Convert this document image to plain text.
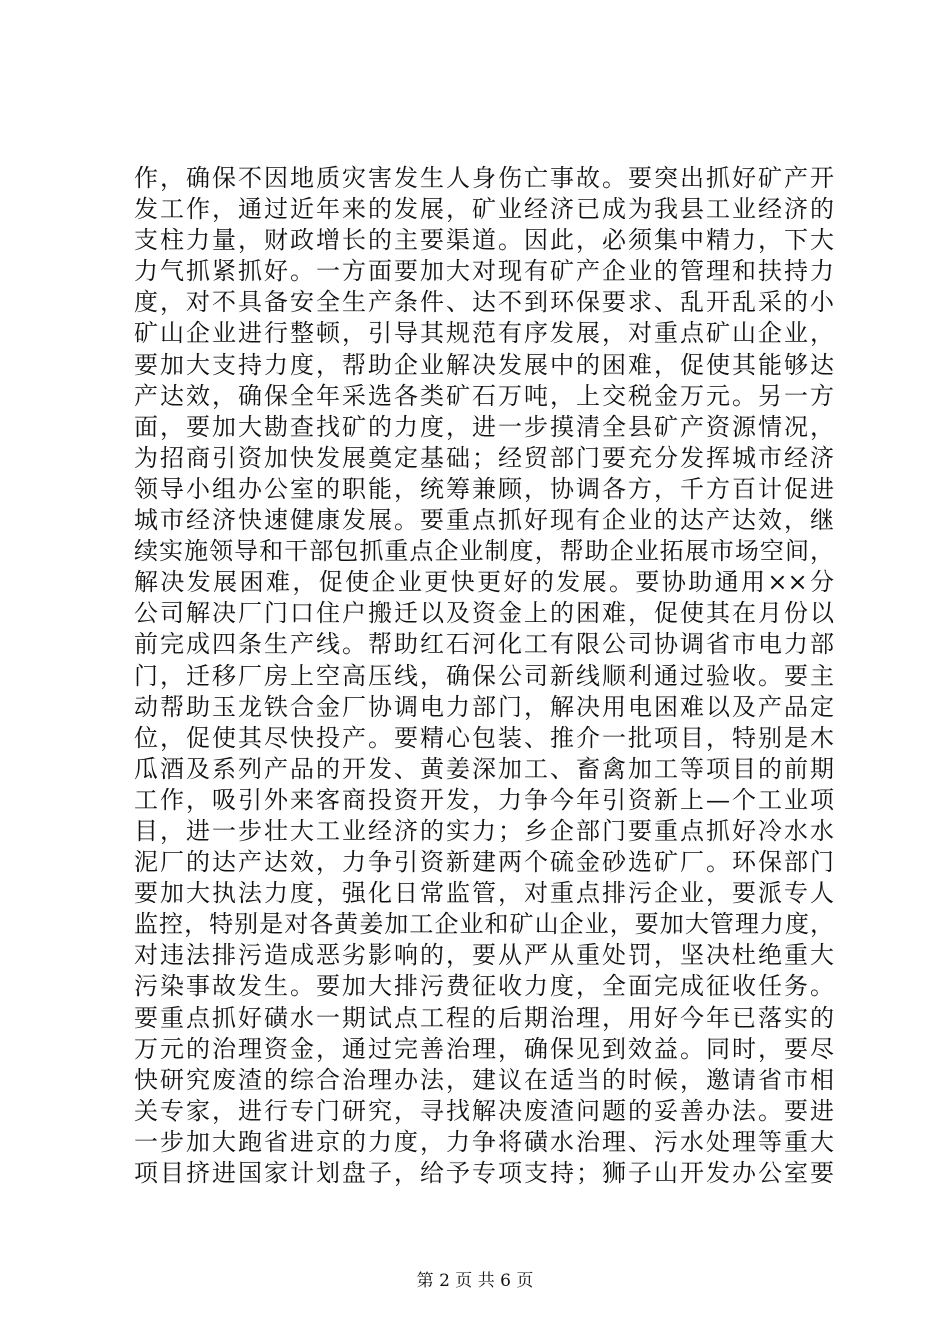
作，确保不因地质灾害发生人身伤亡事故。要突出抓好矿产开
发工作，通过近年来的发展，矿业经济已成为我县工业经济的
支柱力量，财政增长的主要渠道。因此，必须集中精力，下大
力气抓紧抓好。一方面要加大对现有矿产企业的管理和扶持力
度，对不具备安全生产条件、达不到环保要求、乱开乱采的小
矿山企业进行整顿，引导其规范有序发展，对重点矿山企业，
要加大支持力度，帮助企业解决发展中的困难，促使其能够达
产达效，确保全年采选各类矿石万吨，上交税金万元。另一方
面，要加大勘查找矿的力度，进一步摸清全县矿产资源情况，
为招商引资加快发展奠定基础；经贸部门要充分发挥城市经济
领导小组办公室的职能，统筹兼顾，协调各方，千方百计促进
城市经济快速健康发展。要重点抓好现有企业的达产达效，继
续实施领导和干部包抓重点企业制度，帮助企业拓展市场空间，
解决发展困难，促使企业更快更好的发展。要协助通用××分
公司解决厂门口住户搬迁以及资金上的困难，促使其在月份以
前完成四条生产线。帮助红石河化工有限公司协调省市电力部
门，迁移厂房上空高压线，确保公司新线顺利通过验收。要主
动帮助玉龙铁合金厂协调电力部门，解决用电困难以及产品定
位，促使其尽快投产。要精心包装、推介一批项目，特别是木
瓜酒及系列产品的开发、黄姜深加工、畜禽加工等项目的前期
工作，吸引外来客商投资开发，力争今年引资新上—个工业项
目，进一步壮大工业经济的实力；乡企部门要重点抓好冷水水
泥厂的达产达效，力争引资新建两个硫金砂选矿厂。环保部门
要加大执法力度，强化日常监管，对重点排污企业，要派专人
监控，特别是对各黄姜加工企业和矿山企业，要加大管理力度，
对违法排污造成恶劣影响的，要从严从重处罚，坚决杜绝重大
污染事故发生。要加大排污费征收力度，全面完成征收任务。
要重点抓好磺水一期试点工程的后期治理，用好今年已落实的
万元的治理资金，通过完善治理，确保见到效益。同时，要尽
快研究废渣的综合治理办法，建议在适当的时候，邀请省市相
关专家，进行专门研究，寻找解决废渣问题的妥善办法。要进
一步加大跑省进京的力度，力争将磺水治理、污水处理等重大
项目挤进国家计划盘子，给予专项支持；狮子山开发办公室要
第 2 页 共 6 页
